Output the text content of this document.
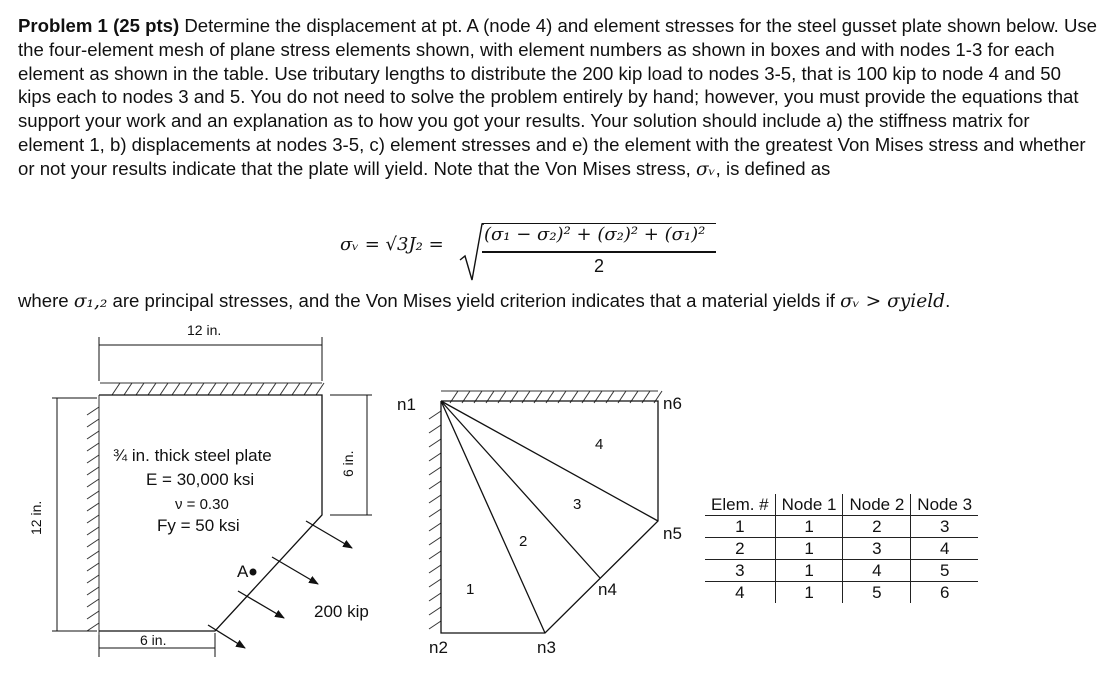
Problem 1 (25 pts) Determine the displacement at pt. A (node 4) and element stresses for the steel gusset plate shown below. Use the four-element mesh of plane stress elements shown, with element numbers as shown in boxes and with nodes 1-3 for each element as shown in the table. Use tributary lengths to distribute the 200 kip load to nodes 3-5, that is 100 kip to node 4 and 50 kips each to nodes 3 and 5. You do not need to solve the problem entirely by hand; however, you must provide the equations that support your work and an explanation as to how you got your results. Your solution should include a) the stiffness matrix for element 1, b) displacements at nodes 3-5, c) element stresses and e) the element with the greatest Von Mises stress and whether or not your results indicate that the plate will yield. Note that the Von Mises stress, σᵥ, is defined as
σᵥ = √3J₂ = (σ₁ − σ₂)² + (σ₂)² + (σ₁)²
2
where σ₁,₂ are principal stresses, and the Von Mises yield criterion indicates that a material yields if σᵥ > σyield.
12 in.
12 in.
6 in.
6 in.
¾ in. thick steel plate
E = 30,000 ksi
ν = 0.30
Fy = 50 ksi
A
200 kip
n1
n2	n3
n4
n5
n6
1
2
3
4
Elem. #	Node 1	Node 2	Node 3
1	1	2	3
2	1	3	4
3	1	4	5
4	1	5	6
